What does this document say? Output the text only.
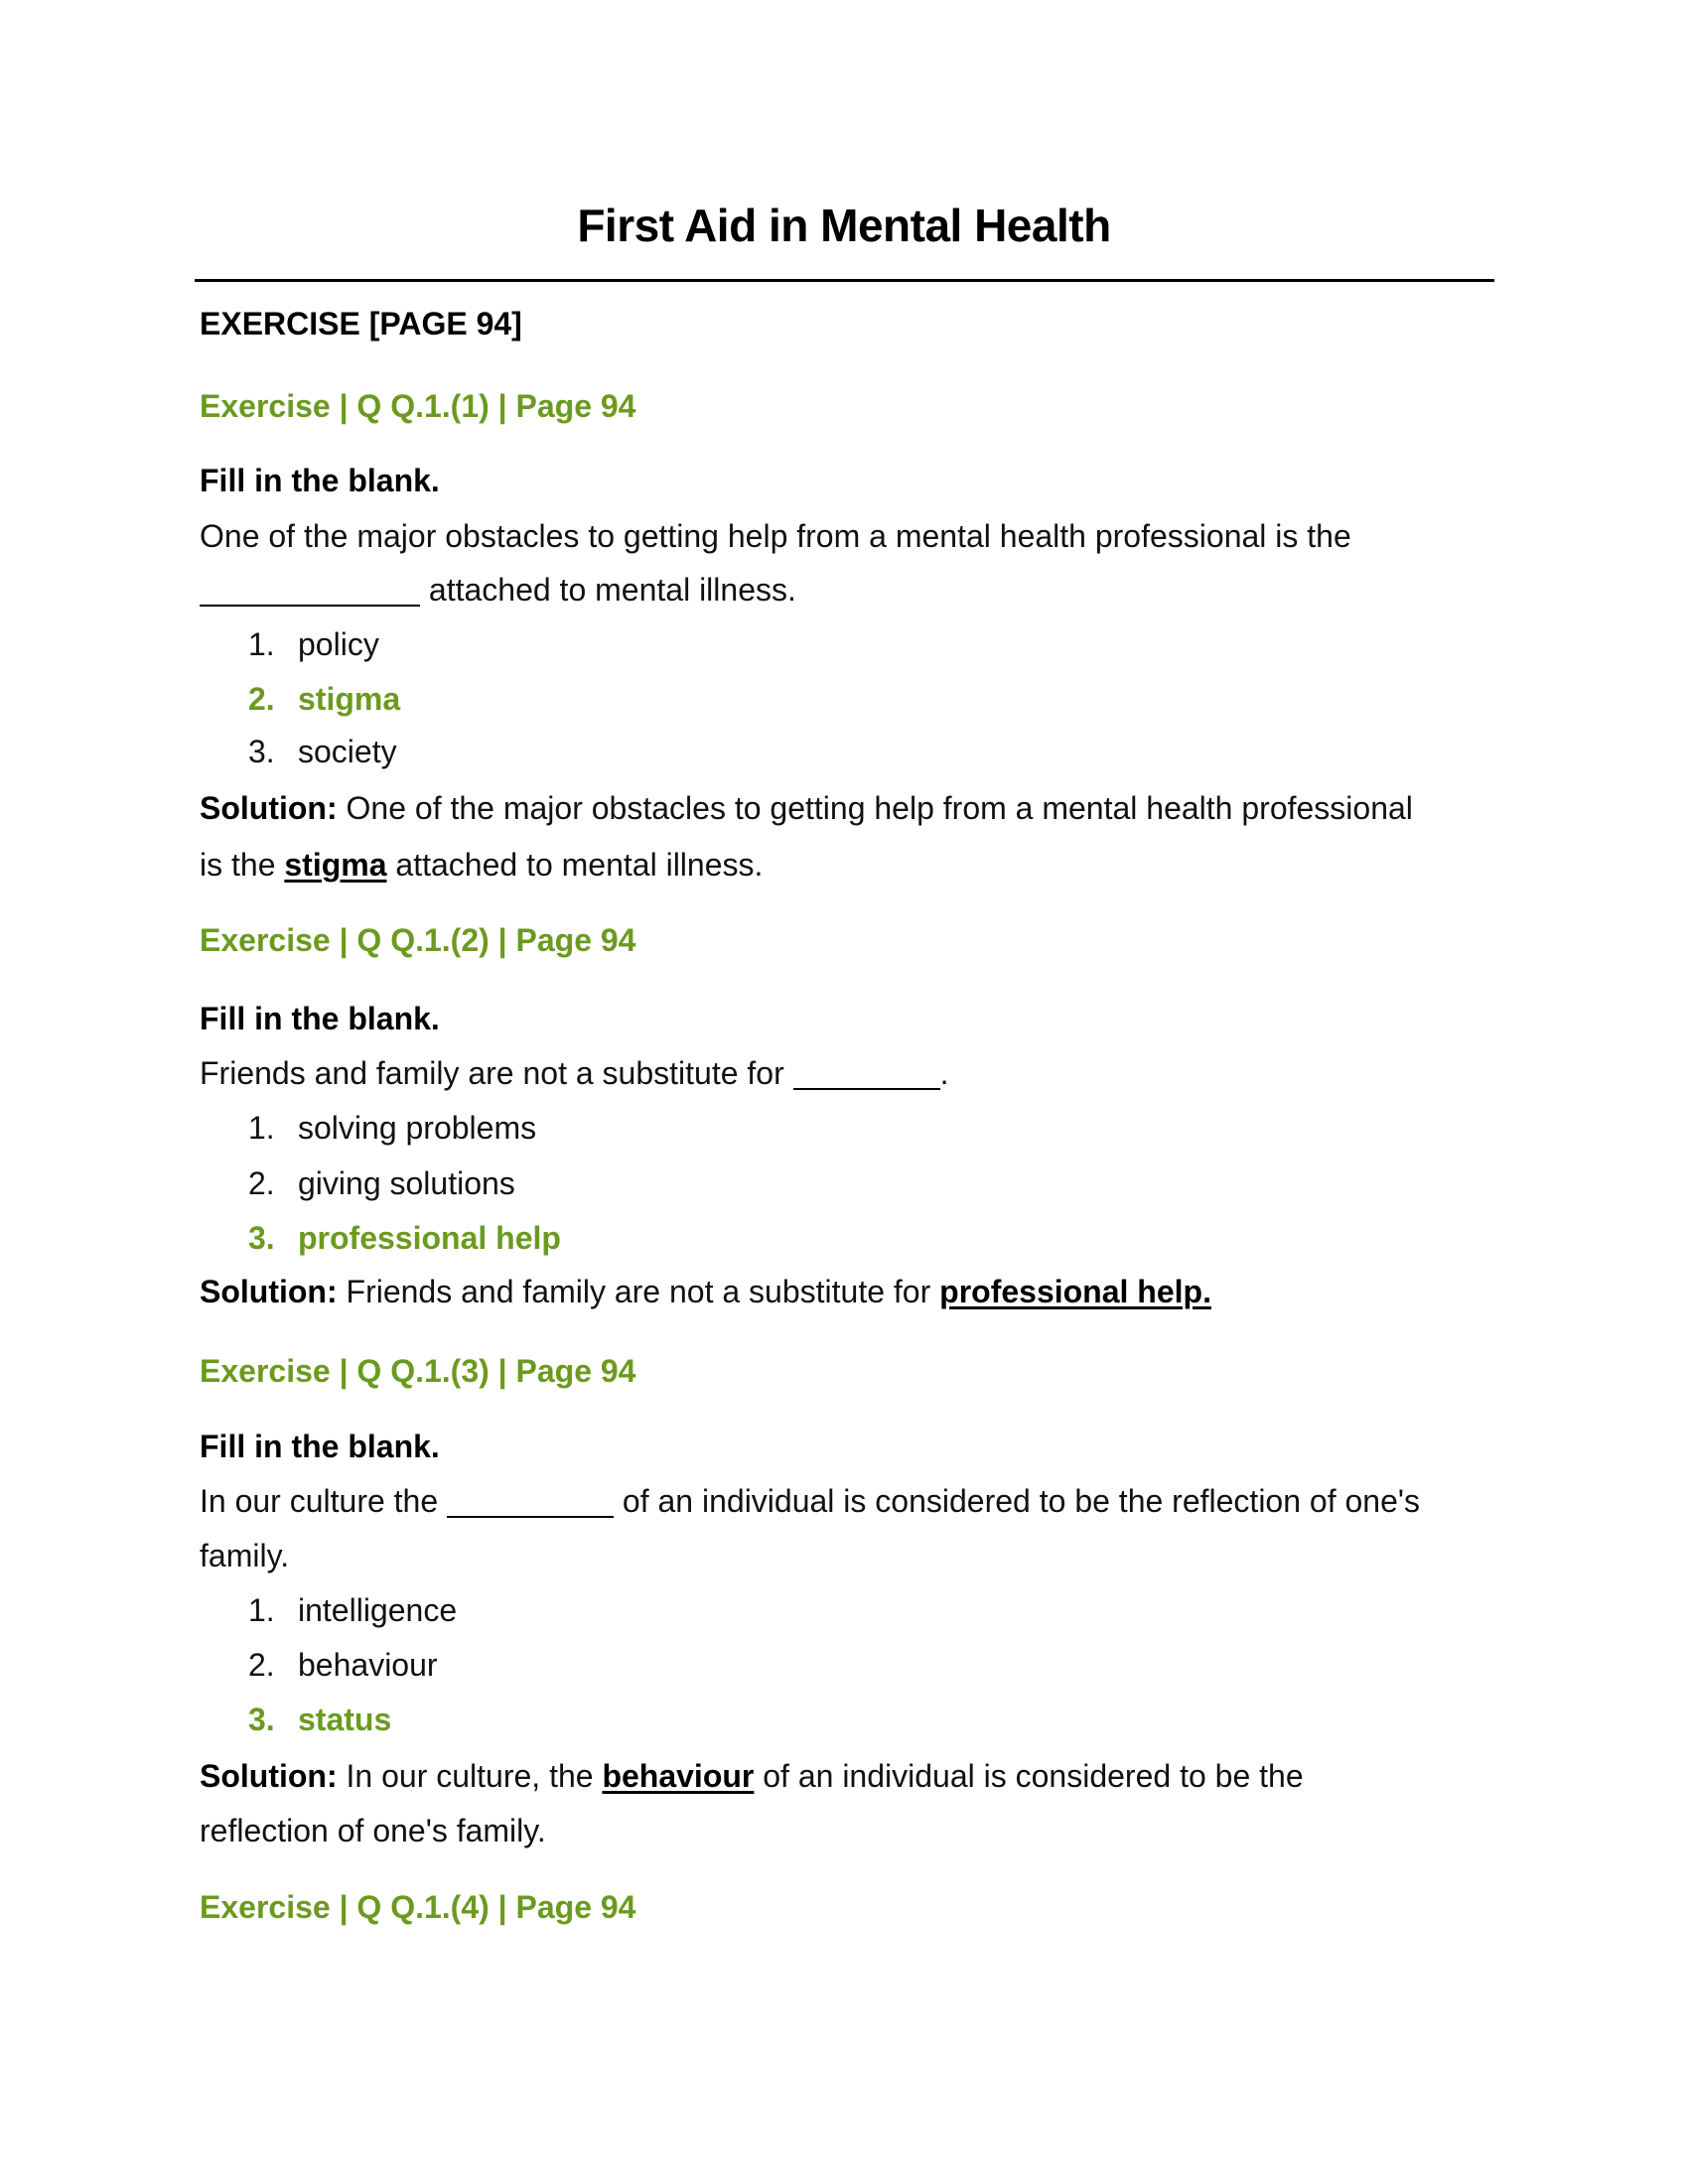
First Aid in Mental Health
EXERCISE [PAGE 94]
Exercise | Q Q.1.(1) | Page 94
Fill in the blank.
One of the major obstacles to getting help from a mental health professional is the
attached to mental illness.
1. policy
2. stigma
3. society
Solution: One of the major obstacles to getting help from a mental health professional
is the stigma attached to mental illness.
Exercise | Q Q.1.(2) | Page 94
Fill in the blank.
Friends and family are not a substitute for	.
1. solving problems
2. giving solutions
3. professional help
Solution: Friends and family are not a substitute for professional help.
Exercise | Q Q.1.(3) | Page 94
Fill in the blank.
In our culture the	of an individual is considered to be the reflection of one's
family.
1. intelligence
2. behaviour
3. status
Solution: In our culture, the behaviour of an individual is considered to be the
reflection of one's family.
Exercise | Q Q.1.(4) | Page 94
